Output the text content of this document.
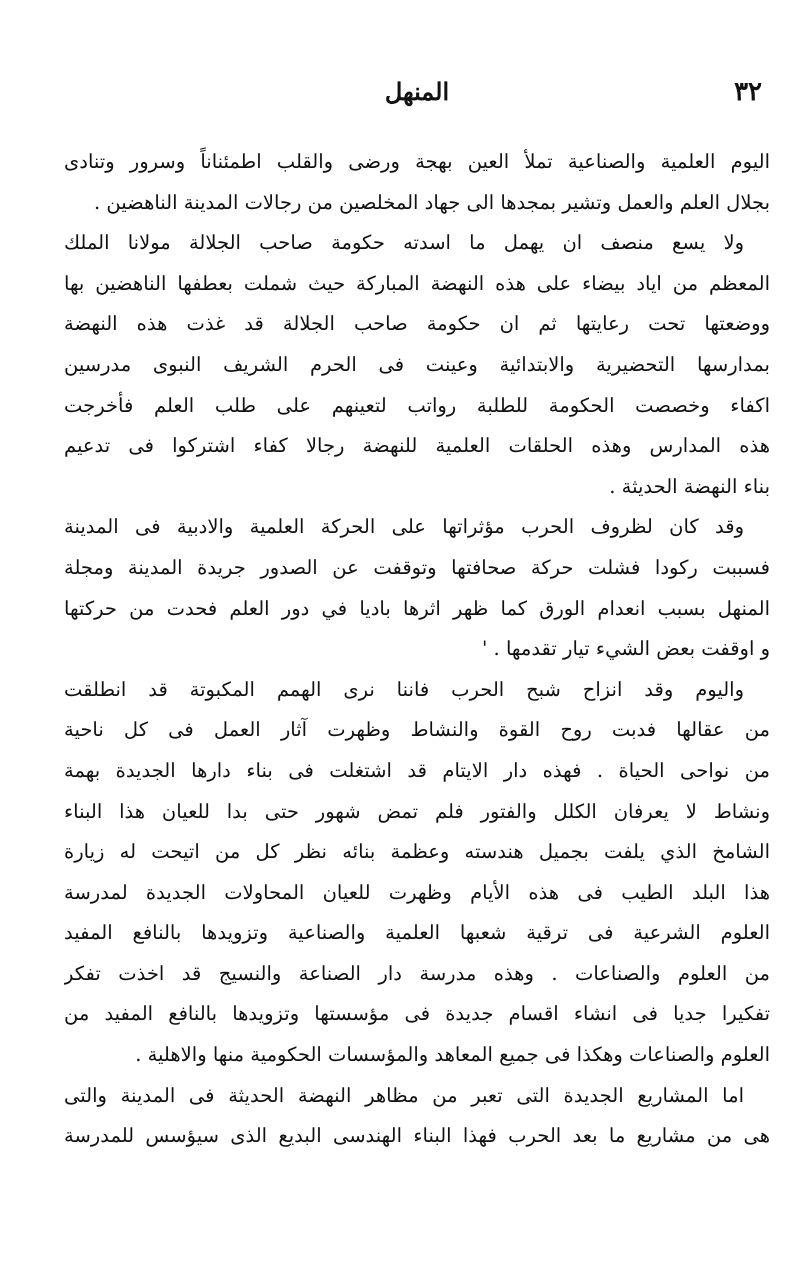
٣٢
المنهل
اليوم العلمية والصناعية تملأ العين بهجة ورضى والقلب اطمئناناً وسرور وتنادى
بجلال العلم والعمل وتشير بمجدها الى جهاد المخلصين من رجالات المدينة الناهضين .
ولا يسع منصف ان يهمل ما اسدته حكومة صاحب الجلالة مولانا الملك
المعظم من اياد بيضاء على هذه النهضة المباركة حيث شملت بعطفها الناهضين بها
ووضعتها تحت رعايتها ثم ان حكومة صاحب الجلالة قد غذت هذه النهضة
بمدارسها التحضيرية والابتدائية وعينت فى الحرم الشريف النبوى مدرسين
اكفاء وخصصت الحكومة للطلبة رواتب لتعينهم على طلب العلم فأخرجت
هذه المدارس وهذه الحلقات العلمية للنهضة رجالا كفاء اشتركوا فى تدعيم
بناء النهضة الحديثة .
وقد كان لظروف الحرب مؤثراتها على الحركة العلمية والادبية فى المدينة
فسببت ركودا فشلت حركة صحافتها وتوقفت عن الصدور جريدة المدينة ومجلة
المنهل بسبب انعدام الورق كما ظهر اثرها باديا في دور العلم فحدت من حركتها
و اوقفت بعض الشيء تيار تقدمها . '
واليوم وقد انزاح شبح الحرب فاننا نرى الهمم المكبوتة قد انطلقت
من عقالها فدبت روح القوة والنشاط وظهرت آثار العمل فى كل ناحية
من نواحى الحياة . فهذه دار الايتام قد اشتغلت فى بناء دارها الجديدة بهمة
ونشاط لا يعرفان الكلل والفتور فلم تمض شهور حتى بدا للعيان هذا البناء
الشامخ الذي يلفت بجميل هندسته وعظمة بنائه نظر كل من اتيحت له زيارة
هذا البلد الطيب فى هذه الأيام وظهرت للعيان المحاولات الجديدة لمدرسة
العلوم الشرعية فى ترقية شعبها العلمية والصناعية وتزويدها بالنافع المفيد
من العلوم والصناعات . وهذه مدرسة دار الصناعة والنسيج قد اخذت تفكر
تفكيرا جديا فى انشاء اقسام جديدة فى مؤسستها وتزويدها بالنافع المفيد من
العلوم والصناعات وهكذا فى جميع المعاهد والمؤسسات الحكومية منها والاهلية .
اما المشاريع الجديدة التى تعبر من مظاهر النهضة الحديثة فى المدينة والتى
هى من مشاريع ما بعد الحرب فهذا البناء الهندسى البديع الذى سيؤسس للمدرسة
